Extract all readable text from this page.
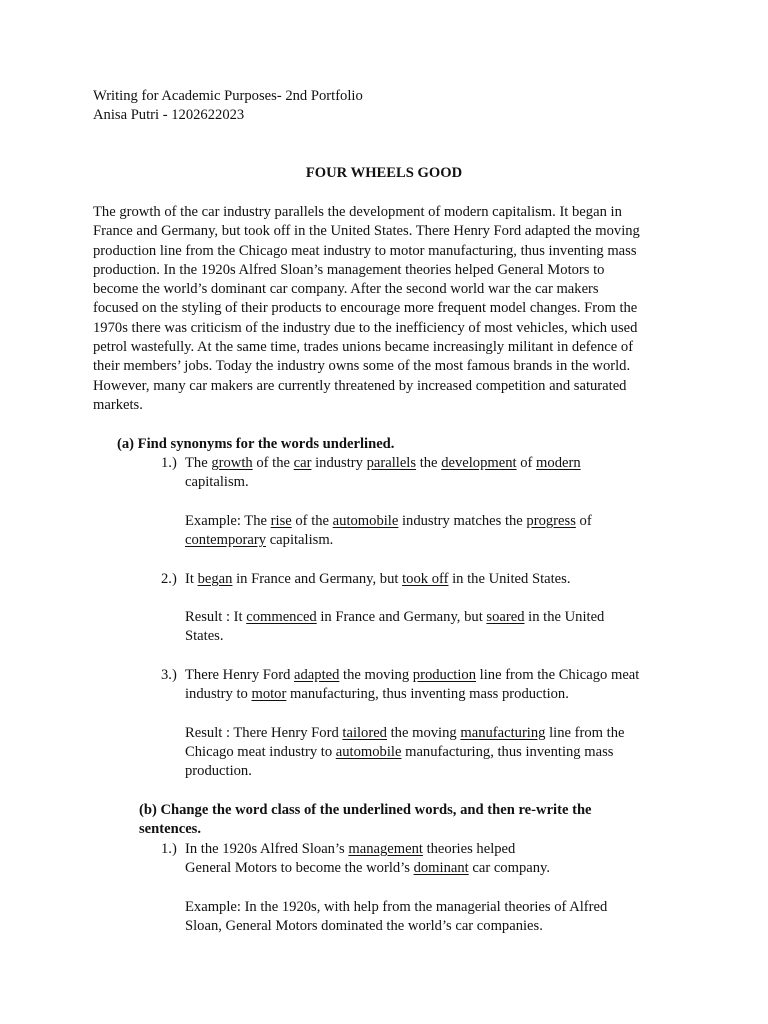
Writing for Academic Purposes- 2nd Portfolio
Anisa Putri - 1202622023
FOUR WHEELS GOOD
The growth of the car industry parallels the development of modern capitalism. It began in
France and Germany, but took off in the United States. There Henry Ford adapted the moving
production line from the Chicago meat industry to motor manufacturing, thus inventing mass
production. In the 1920s Alfred Sloan’s management theories helped General Motors to
become the world’s dominant car company. After the second world war the car makers
focused on the styling of their products to encourage more frequent model changes. From the
1970s there was criticism of the industry due to the inefficiency of most vehicles, which used
petrol wastefully. At the same time, trades unions became increasingly militant in defence of
their members’ jobs. Today the industry owns some of the most famous brands in the world.
However, many car makers are currently threatened by increased competition and saturated
markets.
(a) Find synonyms for the words underlined.
1.) The growth of the car industry parallels the development of modern
capitalism.
Example: The rise of the automobile industry matches the progress of
contemporary capitalism.
2.) It began in France and Germany, but took off in the United States.
Result : It commenced in France and Germany, but soared in the United
States.
3.) There Henry Ford adapted the moving production line from the Chicago meat
industry to motor manufacturing, thus inventing mass production.
Result : There Henry Ford tailored the moving manufacturing line from the
Chicago meat industry to automobile manufacturing, thus inventing mass
production.
(b) Change the word class of the underlined words, and then re-write the
sentences.
1.) In the 1920s Alfred Sloan’s management theories helped
General Motors to become the world’s dominant car company.
Example: In the 1920s, with help from the managerial theories of Alfred
Sloan, General Motors dominated the world’s car companies.
